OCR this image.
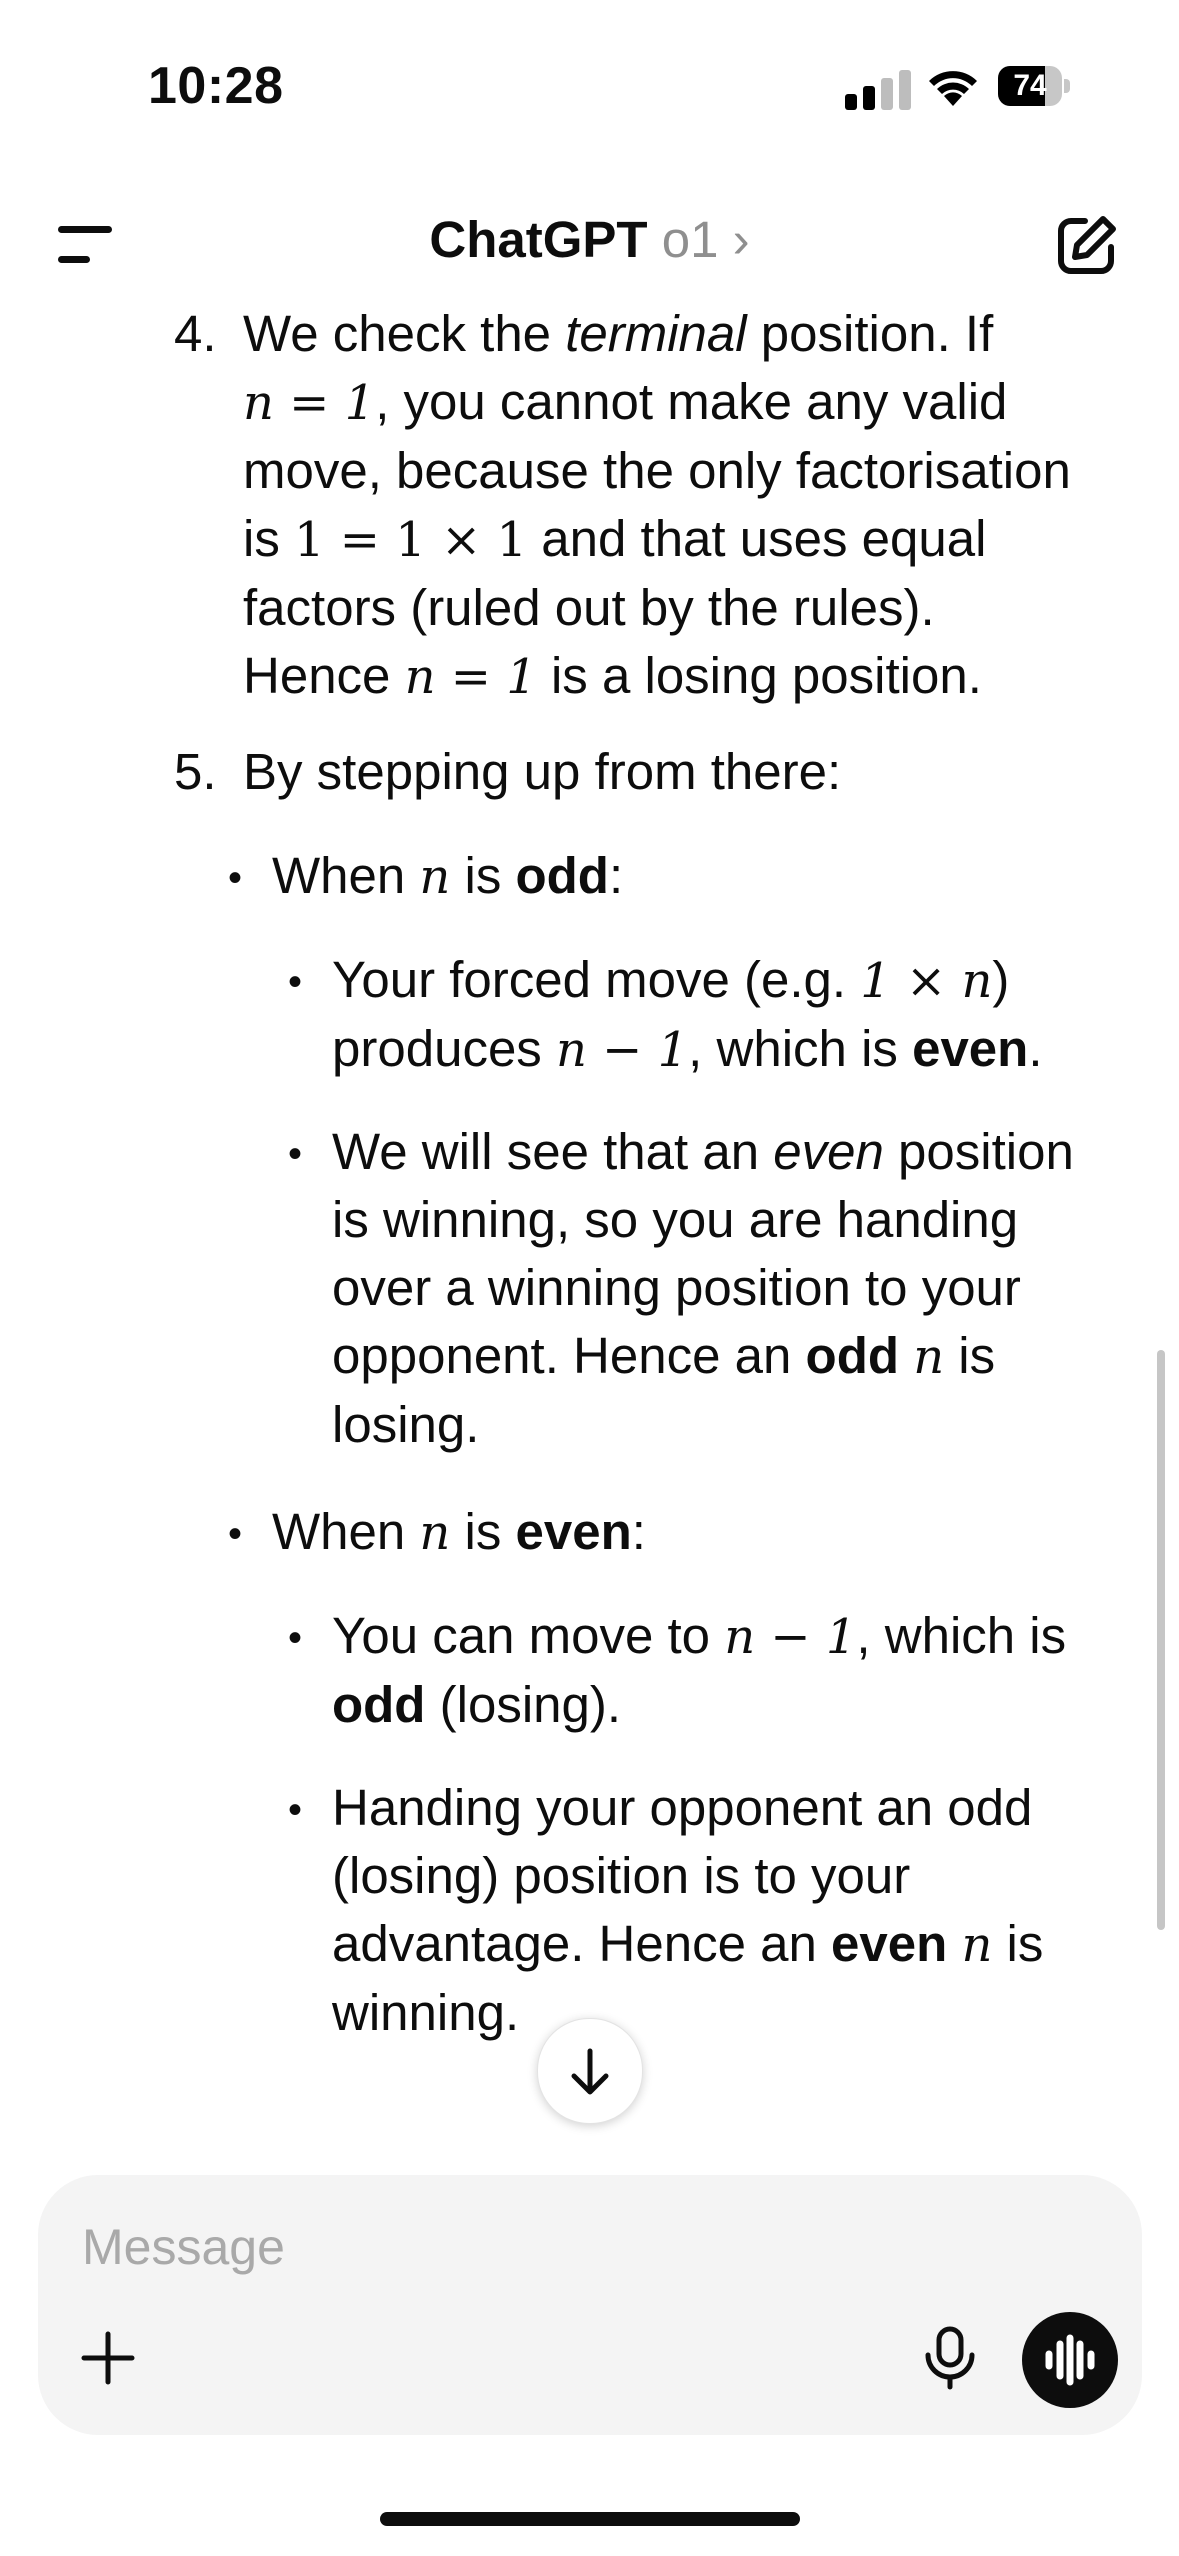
10:28	74
ChatGPT o1 ›
4. We check the terminal position. If
n = 1, you cannot make any valid
move, because the only factorisation
is 1 = 1 × 1 and that uses equal
factors (ruled out by the rules).
Hence n = 1 is a losing position.
5. By stepping up from there:
• When n is odd:
• Your forced move (e.g. 1 × n)
produces n − 1, which is even.
• We will see that an even position
is winning, so you are handing
over a winning position to your
opponent. Hence an odd n is
losing.
• When n is even:
• You can move to n − 1, which is
odd (losing).
• Handing your opponent an odd
(losing) position is to your
advantage. Hence an even n is
winning.
Message
